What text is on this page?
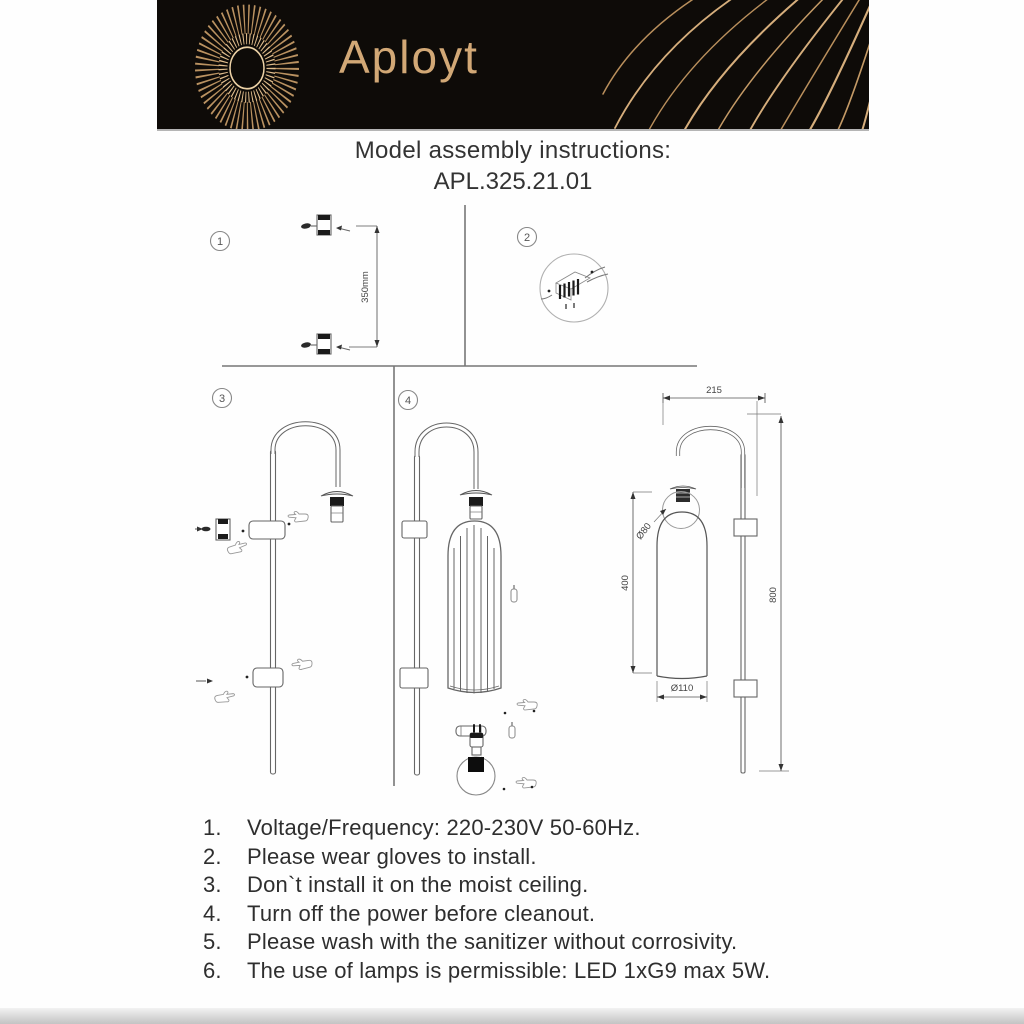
Aployt
Model assembly instructions:
APL.325.21.01
1
350mm
2
3	4
215
800
400
Ø80
Ø110
1.	Voltage/Frequency: 220-230V 50-60Hz.
2.	Please wear gloves to install.
3.	Don`t install it on the moist ceiling.
4.	Turn off the power before cleanout.
5.	Please wash with the sanitizer without corrosivity.
6.	The use of lamps is permissible: LED 1xG9 max 5W.
